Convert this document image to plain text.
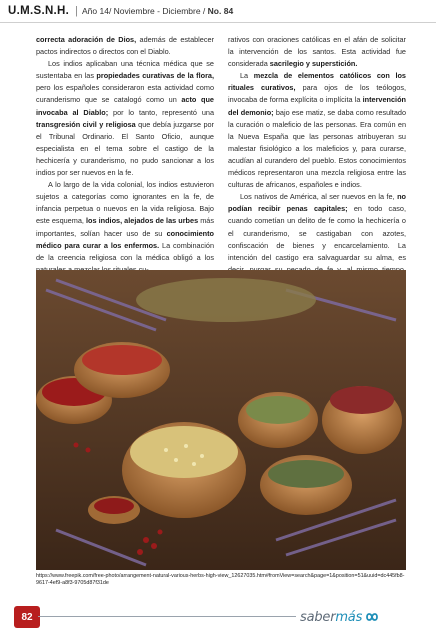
U.M.S.N.H. | Año 14/ Noviembre - Diciembre / No. 84

correcta adoración de Dios, además de establecer pactos indirectos o directos con el Diablo.

Los indios aplicaban una técnica médica que se sustentaba en las propiedades curativas de la flora, pero los españoles consideraron esta actividad como curanderismo que se catalogó como un acto que invocaba al Diablo; por lo tanto, representó una transgresión civil y religiosa que debía juzgarse por el Tribunal Ordinario. El Santo Oficio, aunque especialista en el tema sobre el castigo de la hechicería y curanderismo, no pudo sancionar a los indios por ser nuevos en la fe.

A lo largo de la vida colonial, los indios estuvieron sujetos a categorías como ignorantes en la fe, de infancia perpetua o nuevos en la vida religiosa. Bajo este esquema, los indios, alejados de las urbes más importantes, solían hacer uso de su conocimiento médico para curar a los enfermos. La combinación de la creencia religiosa con la médica obligó a los

rativos con oraciones católicas en el afán de solicitar la intervención de los santos. Esta actividad fue considerada sacrilegio y superstición.

La mezcla de elementos católicos con los rituales curativos, para ojos de los teólogos, invocaba de forma explícita o implícita la intervención del demonio; bajo ese matiz, se daba como resultado la curación o maleficio de las personas. Era común en la Nueva España que las personas atribuyeran su malestar fisiológico a los maleficios y, para curarse, acudían al curandero del pueblo. Estos conocimientos médicos representaron una mezcla religiosa entre las culturas de africanos, españoles e indios.

Los nativos de América, al ser nuevos en la fe, no podían recibir penas capitales; en todo caso, cuando cometían un delito de fe como la hechicería o el curanderismo, se castigaban con azotes, confiscación de bienes y encarcelamiento. La intención del castigo era salvaguardar su alma, es

https://www.freepik.com/free-photo/arrangement-natural-various-herbs-high-view_12627035.htm#fromView=search&page=1&position=51&uuid=dc445fb8-9617-4ef9-a8f3-9705d87f31de
82	sabermás
